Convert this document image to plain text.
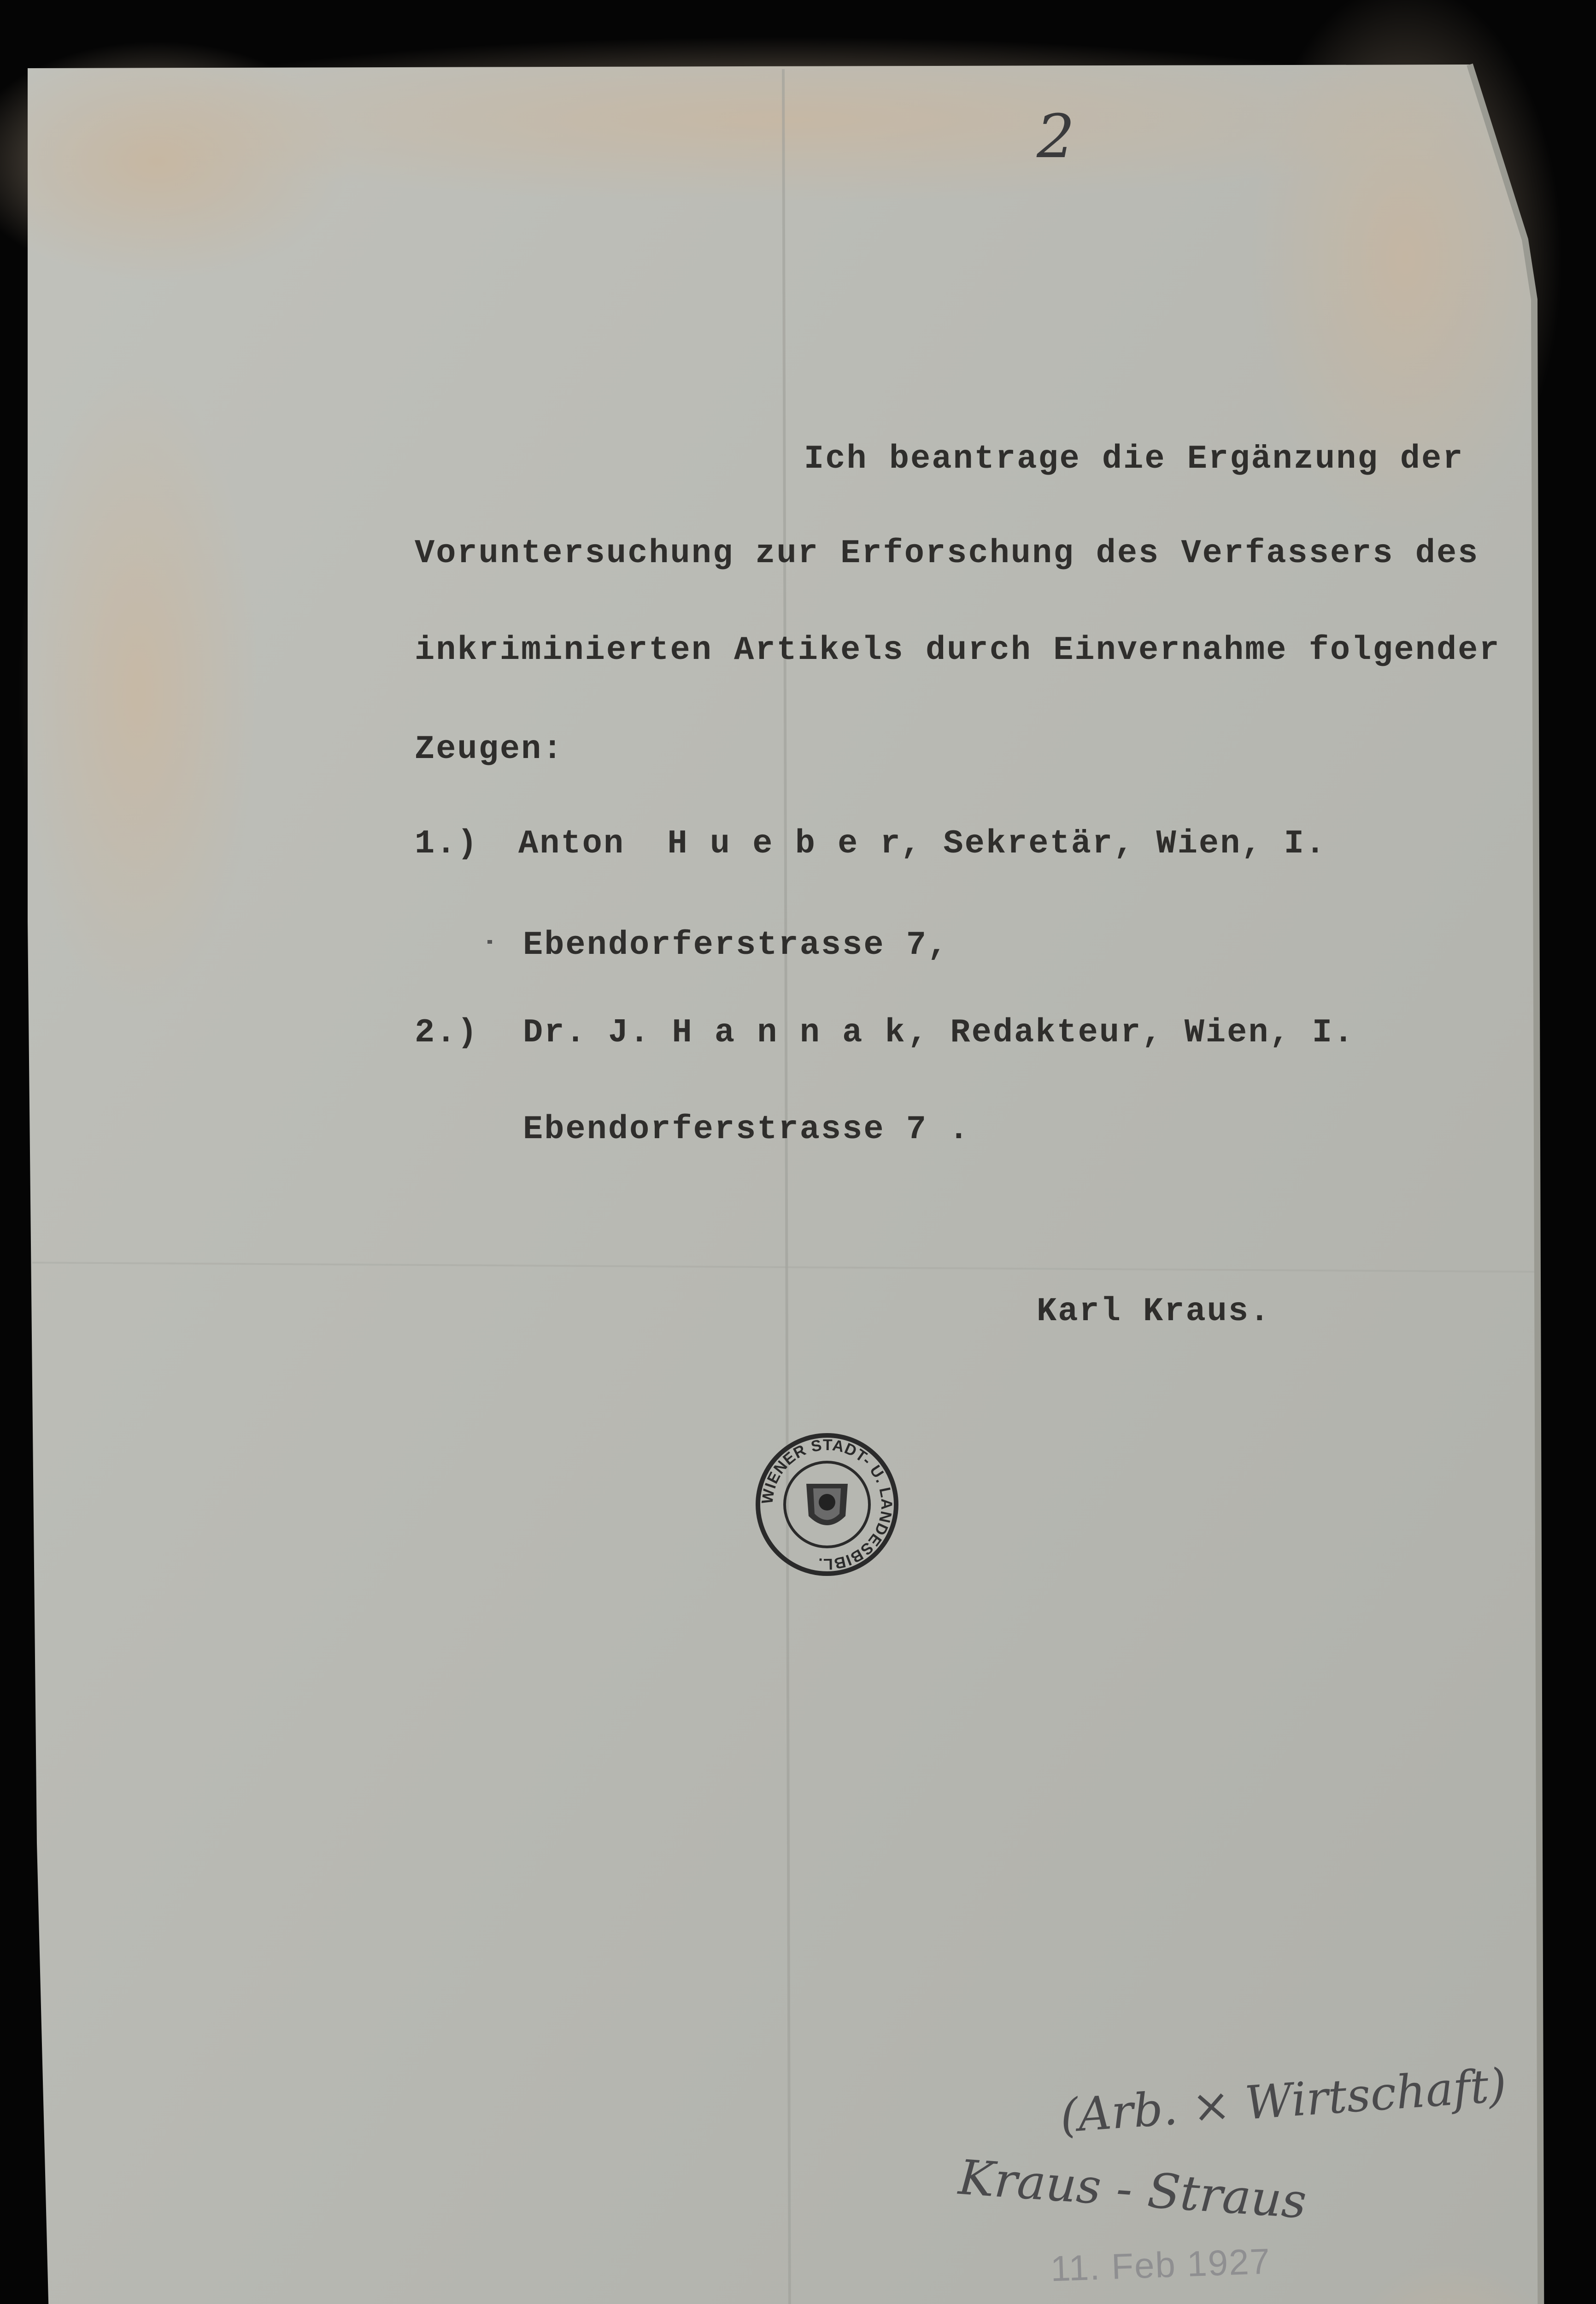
2

Ich beantrage die Ergänzung der

Voruntersuchung zur Erforschung des Verfassers des

inkriminierten Artikels durch Einvernahme folgender

Zeugen:

1.) Anton  H u e b e r

, Sekretär, Wien, I.

Ebendorferstrasse 7,

2.) Dr. J. H a n n a k , Redakteur, Wien, I.

Ebendorferstrasse 7 .

Karl Kraus.

WIENER STADT- U. LANDESBIBL.
(Arb. × Wirtschaft)
Kraus - Straus
11. Feb 1927
